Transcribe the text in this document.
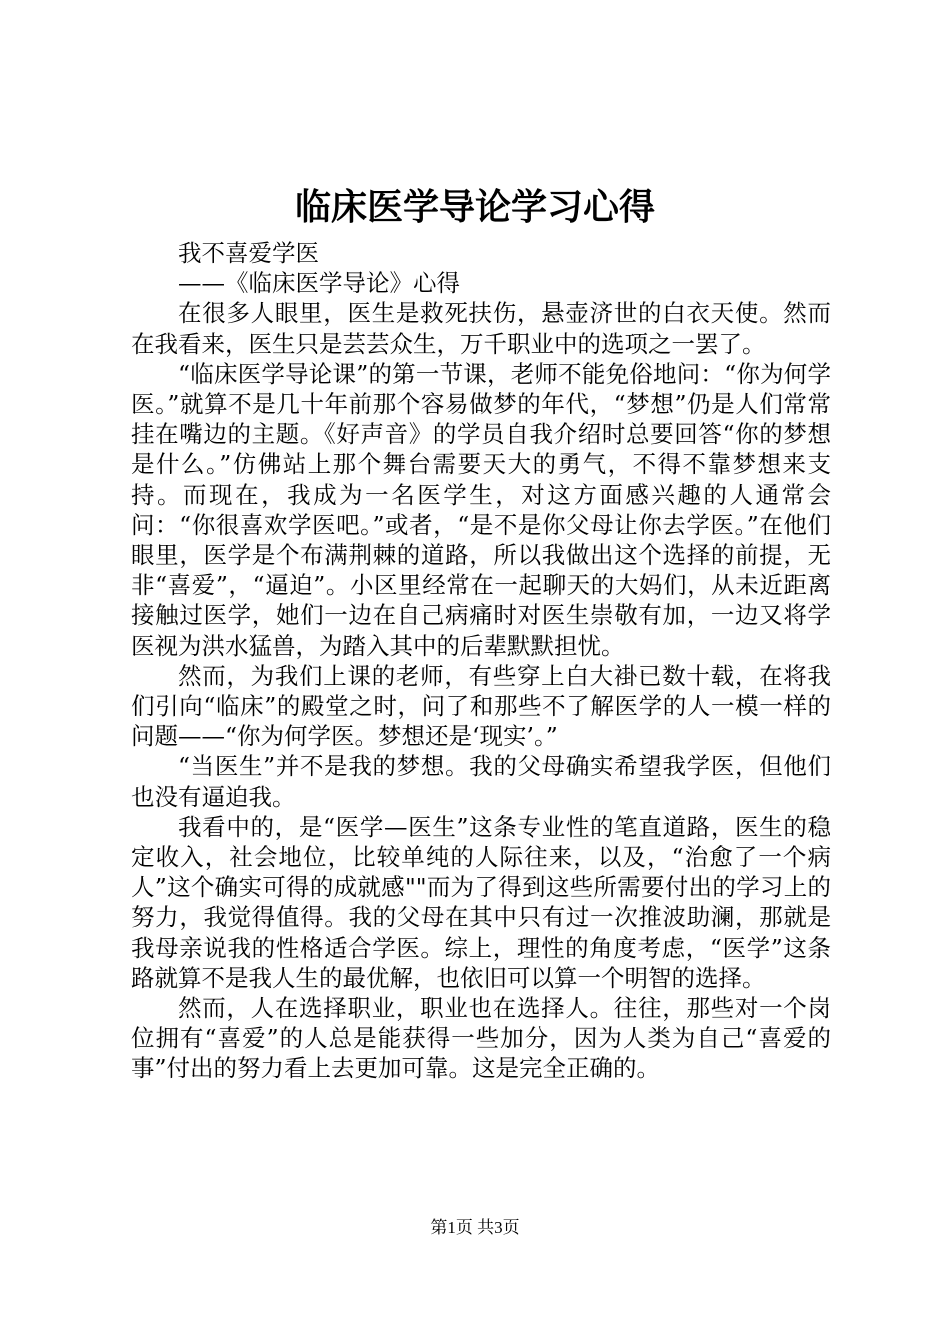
临床医学导论学习心得

我不喜爱学医

——《临床医学导论》心得

在很多人眼里，医生是救死扶伤，悬壶济世的白衣天使。然而在我看来，医生只是芸芸众生，万千职业中的选项之一罢了。

“临床医学导论课”的第一节课，老师不能免俗地问：“你为何学医。”就算不是几十年前那个容易做梦的年代，“梦想”仍是人们常常挂在嘴边的主题。《好声音》的学员自我介绍时总要回答“你的梦想是什么。”仿佛站上那个舞台需要天大的勇气，不得不靠梦想来支持。而现在，我成为一名医学生，对这方面感兴趣的人通常会问：“你很喜欢学医吧。”或者，“是不是你父母让你去学医。”在他们眼里，医学是个布满荆棘的道路，所以我做出这个选择的前提，无非“喜爱”，“逼迫”。小区里经常在一起聊天的大妈们，从未近距离接触过医学，她们一边在自己病痛时对医生崇敬有加，一边又将学医视为洪水猛兽，为踏入其中的后辈默默担忧。

然而，为我们上课的老师，有些穿上白大褂已数十载，在将我们引向“临床”的殿堂之时，问了和那些不了解医学的人一模一样的问题——“你为何学医。梦想还是‘现实’。”

“当医生”并不是我的梦想。我的父母确实希望我学医，但他们也没有逼迫我。

我看中的，是“医学—医生”这条专业性的笔直道路，医生的稳定收入，社会地位，比较单纯的人际往来，以及，“治愈了一个病人”这个确实可得的成就感""而为了得到这些所需要付出的学习上的努力，我觉得值得。我的父母在其中只有过一次推波助澜，那就是我母亲说我的性格适合学医。综上，理性的角度考虑，“医学”这条路就算不是我人生的最优解，也依旧可以算一个明智的选择。

然而，人在选择职业，职业也在选择人。往往，那些对一个岗位拥有“喜爱”的人总是能获得一些加分，因为人类为自己“喜爱的事”付出的努力看上去更加可靠。这是完全正确的。

第1页 共3页
